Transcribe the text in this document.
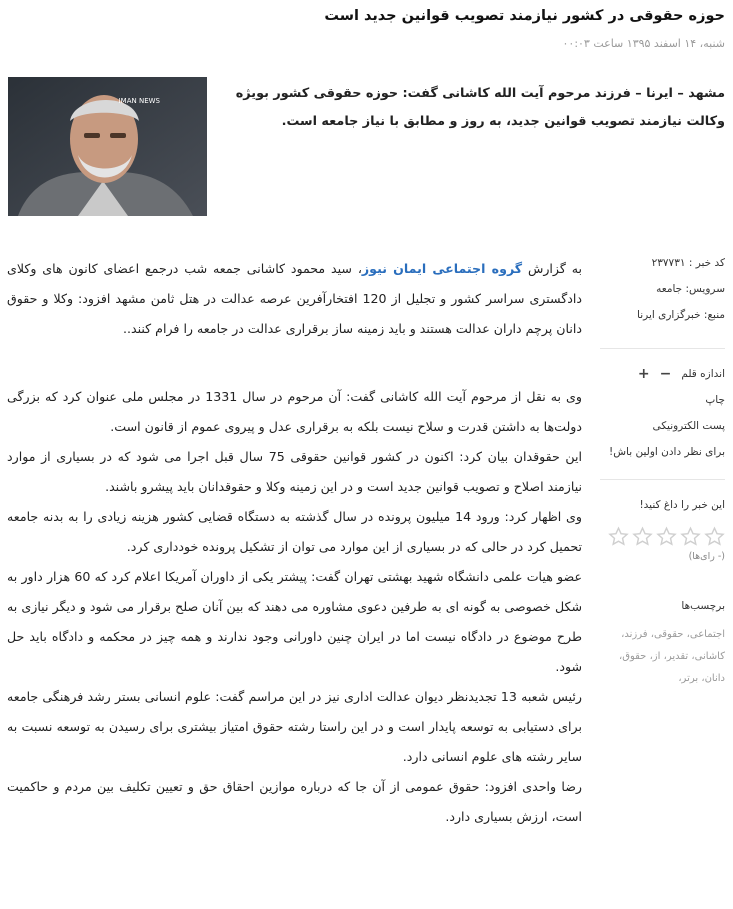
حوزه حقوقی در کشور نیازمند تصویب قوانین جدید است
شنبه، ۱۴ اسفند ۱۳۹۵ ساعت ۰۰:۰۳
IMAN NEWS	مشهد – ایرنا – فرزند مرحوم آیت الله کاشانی گفت: حوزه حقوقی کشور بویژه وکالت نیازمند تصویب قوانین جدید، به روز و مطابق با نیاز جامعه است.
کد خبر : ۲۳۷۷۳۱
سرویس: جامعه
منبع: خبرگزاری ایرنا
اندازه قلم
−
+
چاپ
پست الکترونیکی
برای نظر دادن اولین باش!
این خبر را داغ کنید!
(- رای‌ها)
برچسب‌ها
اجتماعی، حقوقی، فرزند، کاشانی، تقدیر، از، حقوق، دانان، برتر،

به گزارش گروه اجتماعی ایمان نیوز، سید محمود کاشانی جمعه شب درجمع اعضای کانون های وکلای دادگستری سراسر کشور و تجلیل از 120 افتخارآفرین عرصه عدالت در هتل ثامن مشهد افزود: وکلا و حقوق دانان پرچم داران عدالت هستند و باید زمینه ساز برقراری عدالت در جامعه را فرام کنند..

وی به نقل از مرحوم آیت الله کاشانی گفت: آن مرحوم در سال 1331 در مجلس ملی عنوان کرد که بزرگی دولت‌ها به داشتن قدرت و سلاح نیست بلکه به برقراری عدل و پیروی عموم از قانون است.

این حقوقدان بیان کرد: اکنون در کشور قوانین حقوقی 75 سال قبل اجرا می شود که در بسیاری از موارد نیازمند اصلاح و تصویب قوانین جدید است و در این زمینه وکلا و حقوقدانان باید پیشرو باشند.

وی اظهار کرد: ورود 14 میلیون پرونده در سال گذشته به دستگاه قضایی کشور هزینه زیادی را به بدنه جامعه تحمیل کرد در حالی که در بسیاری از این موارد می توان از تشکیل پرونده خودداری کرد.

عضو هیات علمی دانشگاه شهید بهشتی تهران گفت: پیشتر یکی از داوران آمریکا اعلام کرد که 60 هزار داور به شکل خصوصی به گونه ای به طرفین دعوی مشاوره می دهند که بین آنان صلح برقرار می شود و دیگر نیازی به طرح موضوع در دادگاه نیست اما در ایران چنین داورانی وجود ندارند و همه چیز در محکمه و دادگاه باید حل شود.

رئیس شعبه 13 تجدیدنظر دیوان عدالت اداری نیز در این مراسم گفت: علوم انسانی بستر رشد فرهنگی جامعه برای دستیابی به توسعه پایدار است و در این راستا رشته حقوق امتیاز بیشتری برای رسیدن به توسعه نسبت به سایر رشته های علوم انسانی دارد.

رضا واحدی افزود: حقوق عمومی از آن جا که درباره موازین احقاق حق و تعیین تکلیف بین مردم و حاکمیت است، ارزش بسیاری دارد.
